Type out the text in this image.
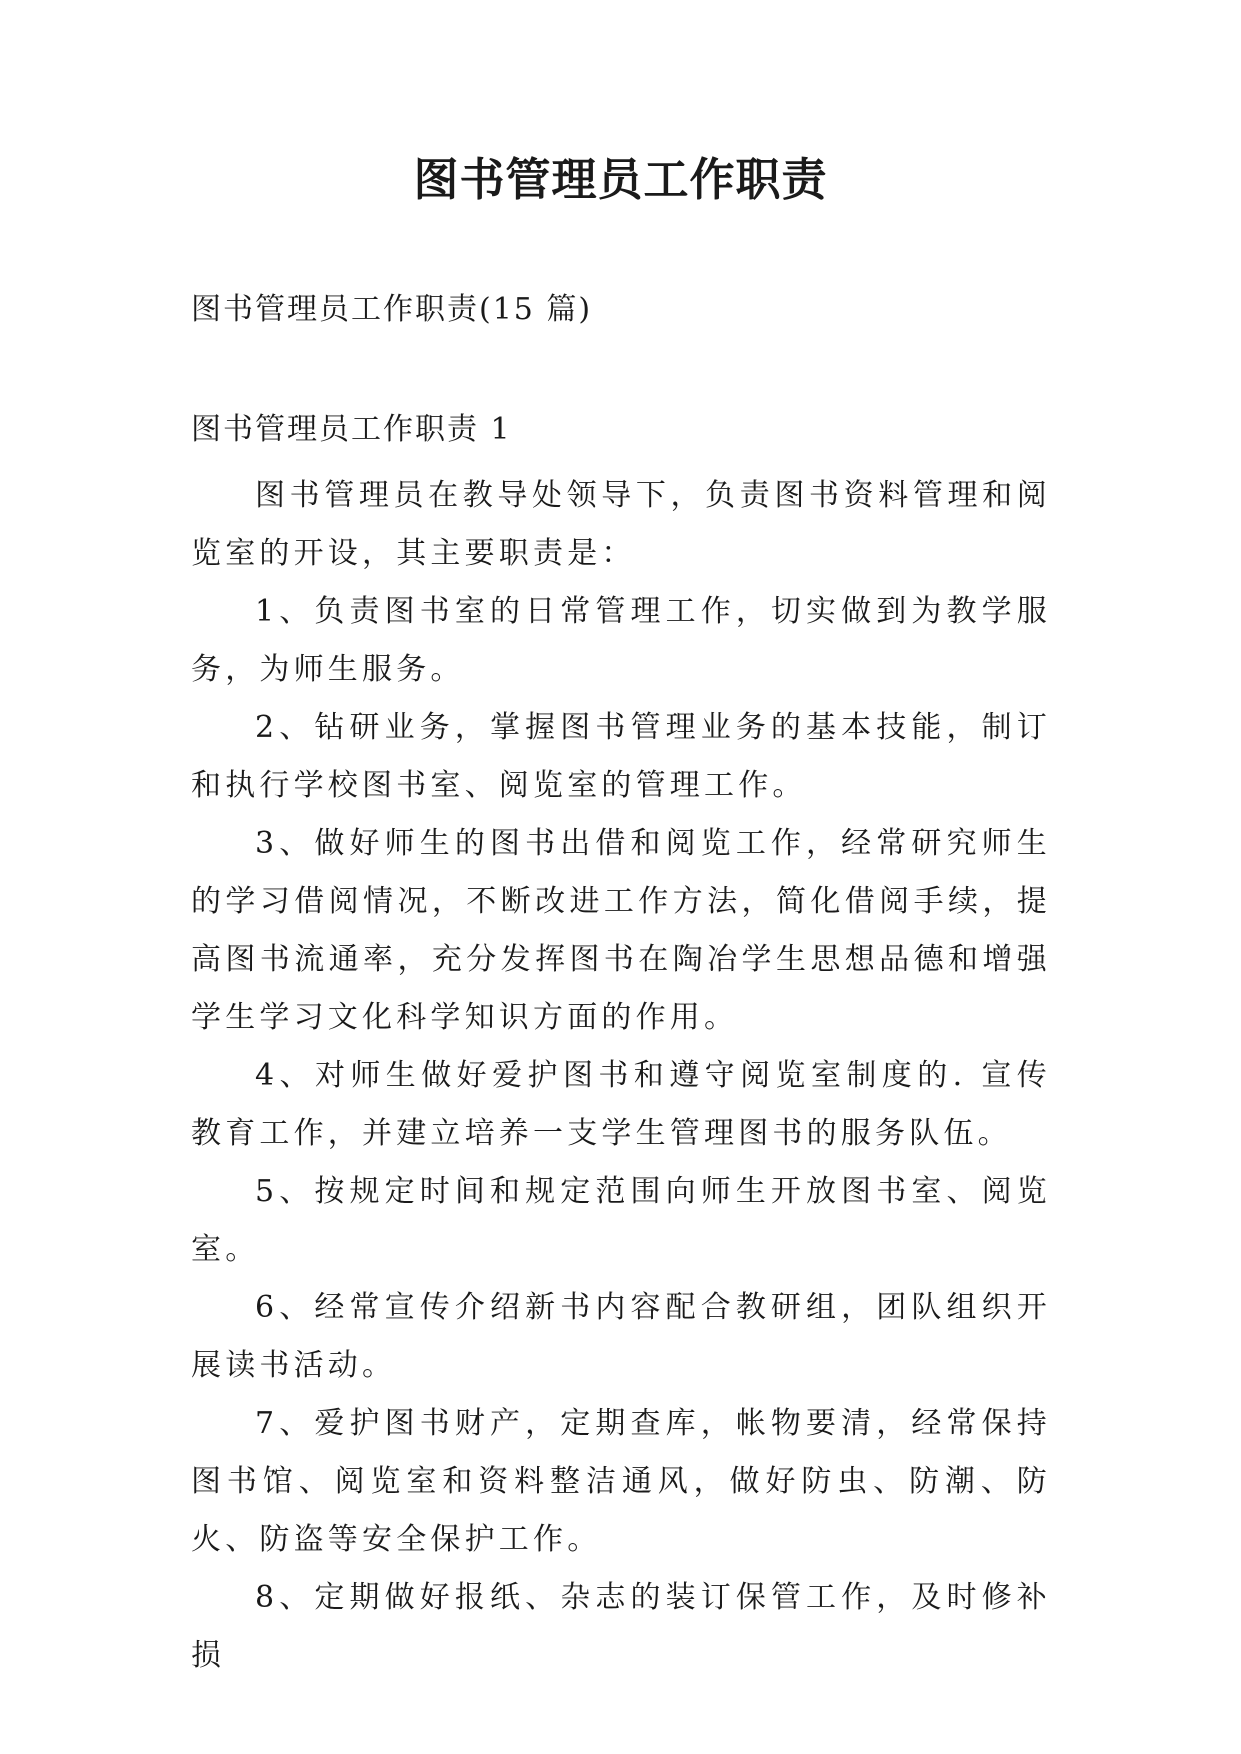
图书管理员工作职责

图书管理员工作职责(15 篇)

图书管理员工作职责 1

图书管理员在教导处领导下，负责图书资料管理和阅览室的开设，其主要职责是：

1、负责图书室的日常管理工作，切实做到为教学服务，为师生服务。

2、钻研业务，掌握图书管理业务的基本技能，制订和执行学校图书室、阅览室的管理工作。

3、做好师生的图书出借和阅览工作，经常研究师生的学习借阅情况，不断改进工作方法，简化借阅手续，提高图书流通率，充分发挥图书在陶冶学生思想品德和增强学生学习文化科学知识方面的作用。

4、对师生做好爱护图书和遵守阅览室制度的. 宣传教育工作，并建立培养一支学生管理图书的服务队伍。

5、按规定时间和规定范围向师生开放图书室、阅览室。

6、经常宣传介绍新书内容配合教研组，团队组织开展读书活动。

7、爱护图书财产，定期查库，帐物要清，经常保持图书馆、阅览室和资料整洁通风，做好防虫、防潮、防火、防盗等安全保护工作。

8、定期做好报纸、杂志的装订保管工作，及时修补损
